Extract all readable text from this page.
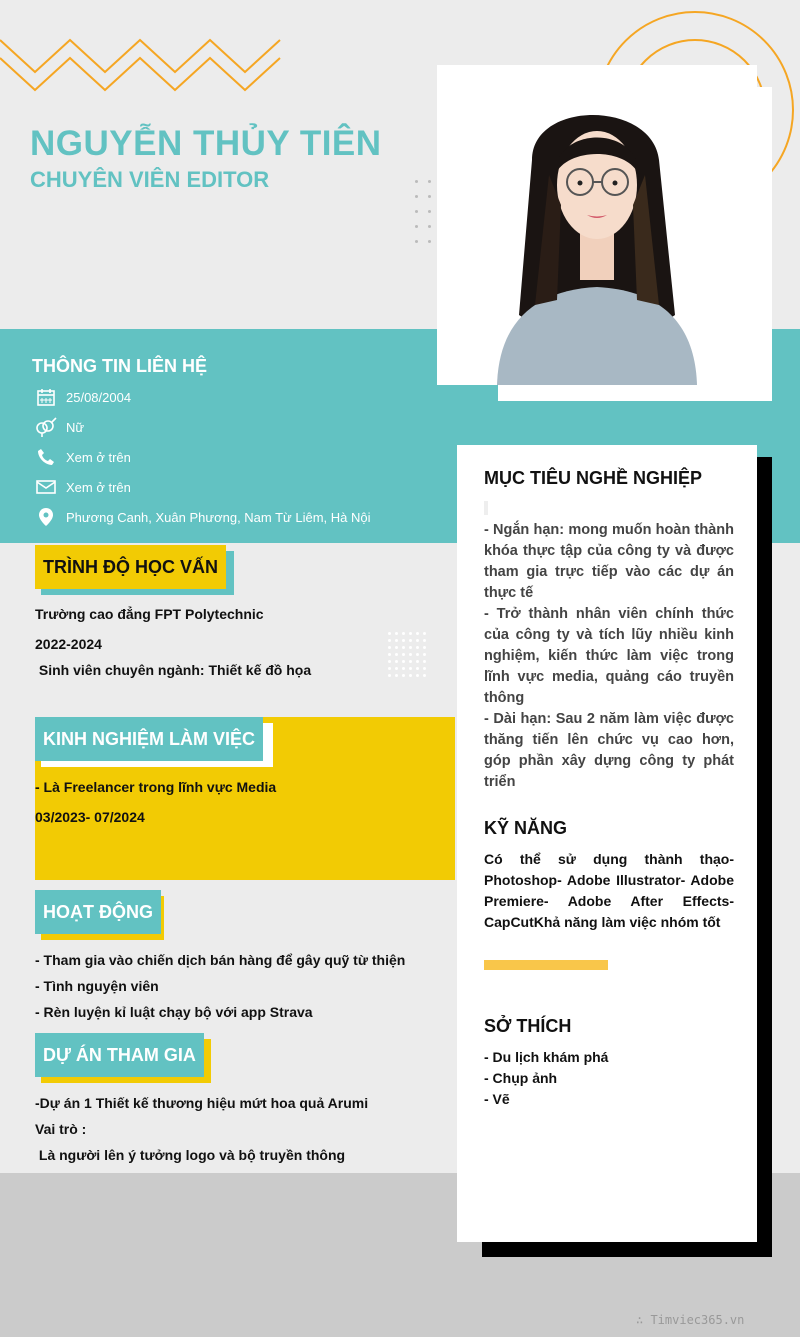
NGUYỄN THỦY TIÊN
CHUYÊN VIÊN EDITOR
THÔNG TIN LIÊN HỆ
25/08/2004
Nữ
Xem ở trên
Xem ở trên
Phương Canh, Xuân Phương, Nam Từ Liêm, Hà Nội
TRÌNH ĐỘ HỌC VẤN
Trường cao đẳng FPT Polytechnic
2022-2024
Sinh viên chuyên ngành: Thiết kế đồ họa
KINH NGHIỆM LÀM VIỆC
- Là Freelancer trong lĩnh vực Media
03/2023- 07/2024
HOẠT ĐỘNG
- Tham gia vào chiến dịch bán hàng để gây quỹ từ thiện
- Tình nguyện viên
- Rèn luyện kỉ luật chạy bộ với app Strava
DỰ ÁN THAM GIA
-Dự án 1 Thiết kế thương hiệu mứt hoa quả Arumi
Vai trò :
Là người lên ý tưởng logo và bộ truyền thông
MỤC TIÊU NGHỀ NGHIỆP
- Ngắn hạn: mong muốn hoàn thành khóa thực tập của công ty và được tham gia trực tiếp vào các dự án thực tế
- Trở thành nhân viên chính thức của công ty và tích lũy nhiều kinh nghiệm, kiến thức làm việc trong lĩnh vực media, quảng cáo truyền thông
- Dài hạn: Sau 2 năm làm việc được thăng tiến lên chức vụ cao hơn, góp phần xây dựng công ty phát triển
KỸ NĂNG
Có thể sử dụng thành thạo- Photoshop- Adobe Illustrator- Adobe Premiere- Adobe After Effects- CapCutKhả năng làm việc nhóm tốt
SỞ THÍCH
- Du lịch khám phá
- Chụp ảnh
- Vẽ
∴ Timviec365.vn
